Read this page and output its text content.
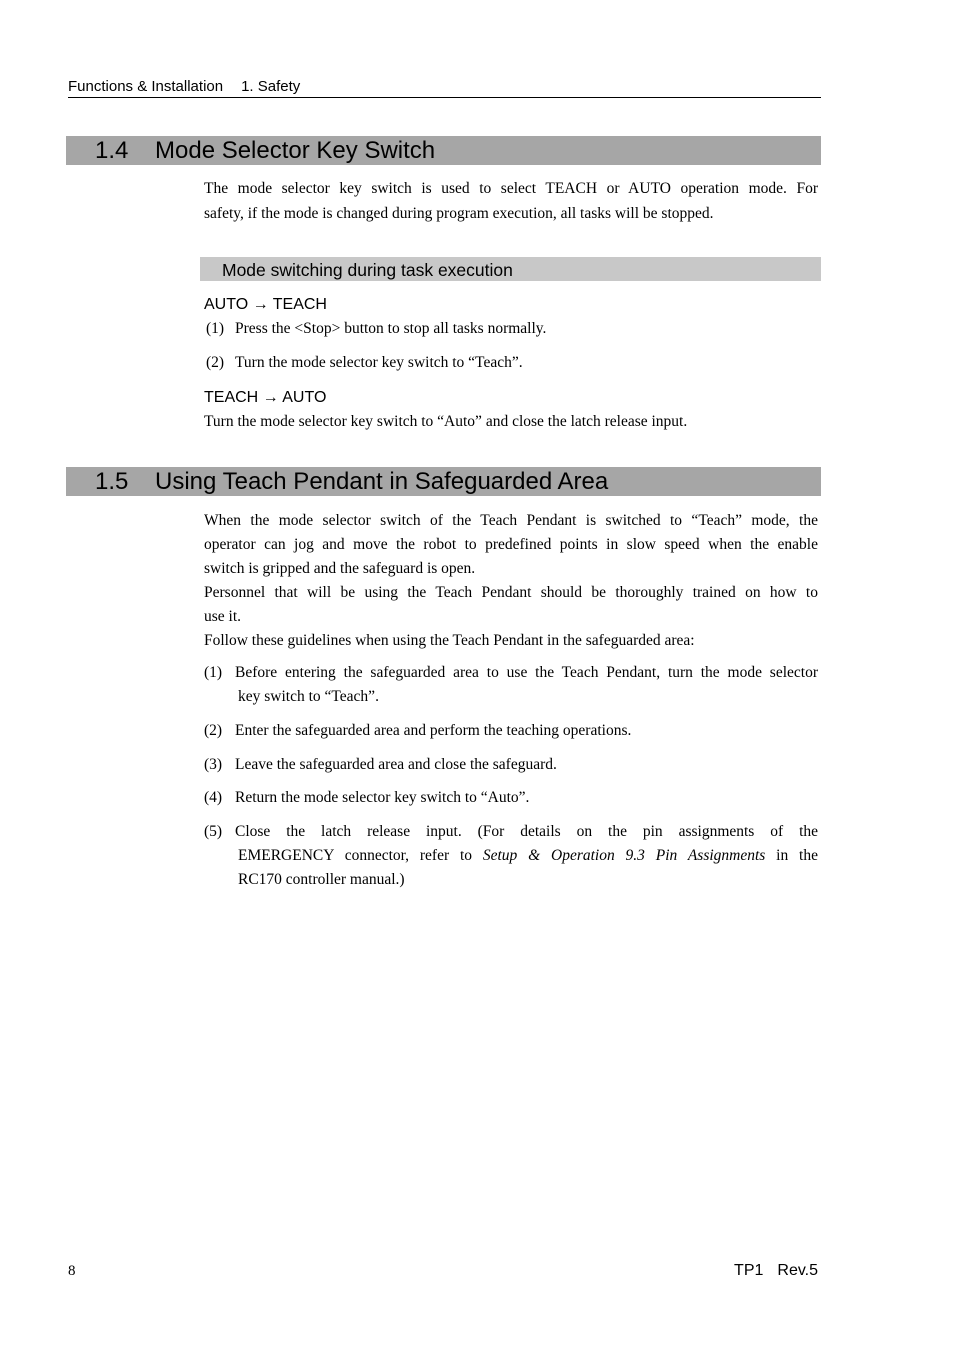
Functions & Installation 1. Safety
1.4 Mode Selector Key Switch
The mode selector key switch is used to select TEACH or AUTO operation mode. For
safety, if the mode is changed during program execution, all tasks will be stopped.
Mode switching during task execution
AUTO → TEACH
(1) Press the <Stop> button to stop all tasks normally.
(2) Turn the mode selector key switch to “Teach”.
TEACH → AUTO
Turn the mode selector key switch to “Auto” and close the latch release input.
1.5 Using Teach Pendant in Safeguarded Area
When the mode selector switch of the Teach Pendant is switched to “Teach” mode, the
operator can jog and move the robot to predefined points in slow speed when the enable
switch is gripped and the safeguard is open.
Personnel that will be using the Teach Pendant should be thoroughly trained on how to
use it.
Follow these guidelines when using the Teach Pendant in the safeguarded area:
(1) Before entering the safeguarded area to use the Teach Pendant, turn the mode selector
key switch to “Teach”.
(2) Enter the safeguarded area and perform the teaching operations.
(3) Leave the safeguarded area and close the safeguard.
(4) Return the mode selector key switch to “Auto”.
(5) Close the latch release input. (For details on the pin assignments of the
EMERGENCY connector, refer to Setup & Operation 9.3 Pin Assignments in the
RC170 controller manual.)
8	TP1 Rev.5
